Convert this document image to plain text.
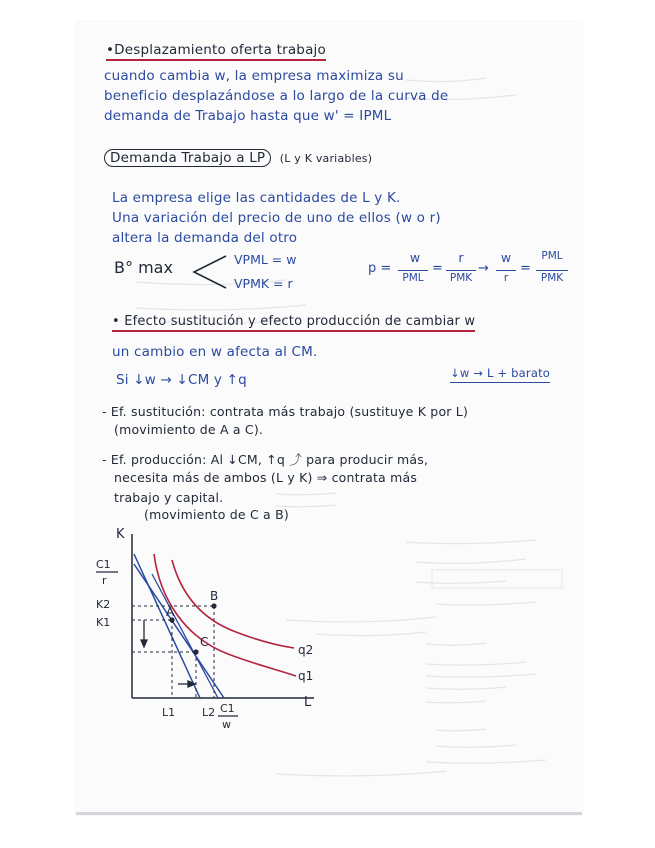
•Desplazamiento oferta trabajo

cuando cambia w, la empresa maximiza su

beneficio desplazándose a lo largo de la curva de

demanda de Trabajo hasta que w' = IPML

Demanda Trabajo a LP (L y K variables)

La empresa elige las cantidades de L y K.

Una variación del precio de uno de ellos (w o r)

altera la demanda del otro

B° max	VPML = w
VPMK = r
p =
w
PML
=
r
PMK
→
w
r
=
PML
PMK
• Efecto sustitución y efecto producción de cambiar w

un cambio en w afecta al CM.

Si ↓w → ↓CM y ↑q	↓w → L + barato

- Ef. sustitución: contrata más trabajo (sustituye K por L)

(movimiento de A a C).

- Ef. producción: Al ↓CM, ↑q ⤴ para producir más,

necesita más de ambos (L y K) ⇒ contrata más

trabajo y capital.

(movimiento de C a B)

K
L
C1
r
K2
K1
A
B
C
q2
q1
L1 L2 C1
w
